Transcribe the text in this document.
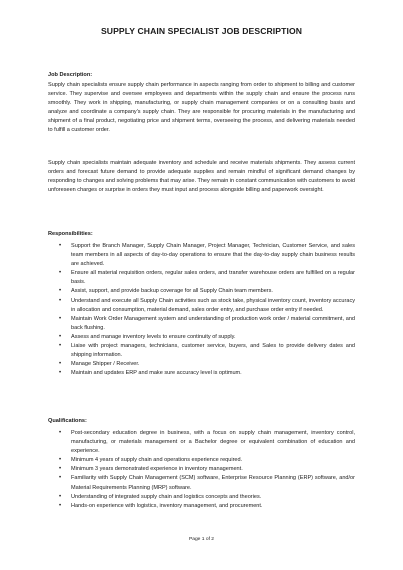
SUPPLY CHAIN SPECIALIST JOB DESCRIPTION
Job Description:

Supply chain specialists ensure supply chain performance in aspects ranging from order to shipment to billing and customer service. They supervise and oversee employees and departments within the supply chain and ensure the process runs smoothly. They work in shipping, manufacturing, or supply chain management companies or on a consulting basis and analyze and coordinate a company's supply chain. They are responsible for procuring materials in the manufacturing and shipment of a final product, negotiating price and shipment terms, overseeing the process, and delivering materials needed to fulfill a customer order.

Supply chain specialists maintain adequate inventory and schedule and receive materials shipments. They assess current orders and forecast future demand to provide adequate supplies and remain mindful of significant demand changes by responding to changes and solving problems that may arise. They remain in constant communication with customers to avoid unforeseen charges or surprise in orders they must input and process alongside billing and paperwork oversight.

Responsibilities:
• Support the Branch Manager, Supply Chain Manager, Project Manager, Technician, Customer Service, and sales team members in all aspects of day-to-day operations to ensure that the day-to-day supply chain business results are achieved.
• Ensure all material requisition orders, regular sales orders, and transfer warehouse orders are fulfilled on a regular basis.
• Assist, support, and provide backup coverage for all Supply Chain team members.
• Understand and execute all Supply Chain activities such as stock take, physical inventory count, inventory accuracy in allocation and consumption, material demand, sales order entry, and purchase order entry if needed.
• Maintain Work Order Management system and understanding of production work order / material commitment, and back flushing.
• Assess and manage inventory levels to ensure continuity of supply.
• Liaise with project managers, technicians, customer service, buyers, and Sales to provide delivery dates and shipping information.
• Manage Shipper / Receiver.
• Maintain and updates ERP and make sure accuracy level is optimum.
Qualifications:
• Post-secondary education degree in business, with a focus on supply chain management, inventory control, manufacturing, or materials management or a Bachelor degree or equivalent combination of education and experience.
• Minimum 4 years of supply chain and operations experience required.
• Minimum 3 years demonstrated experience in inventory management.
• Familiarity with Supply Chain Management (SCM) software, Enterprise Resource Planning (ERP) software, and/or Material Requirements Planning (MRP) software.
• Understanding of integrated supply chain and logistics concepts and theories.
• Hands-on experience with logistics, inventory management, and procurement.
Page 1 of 2
